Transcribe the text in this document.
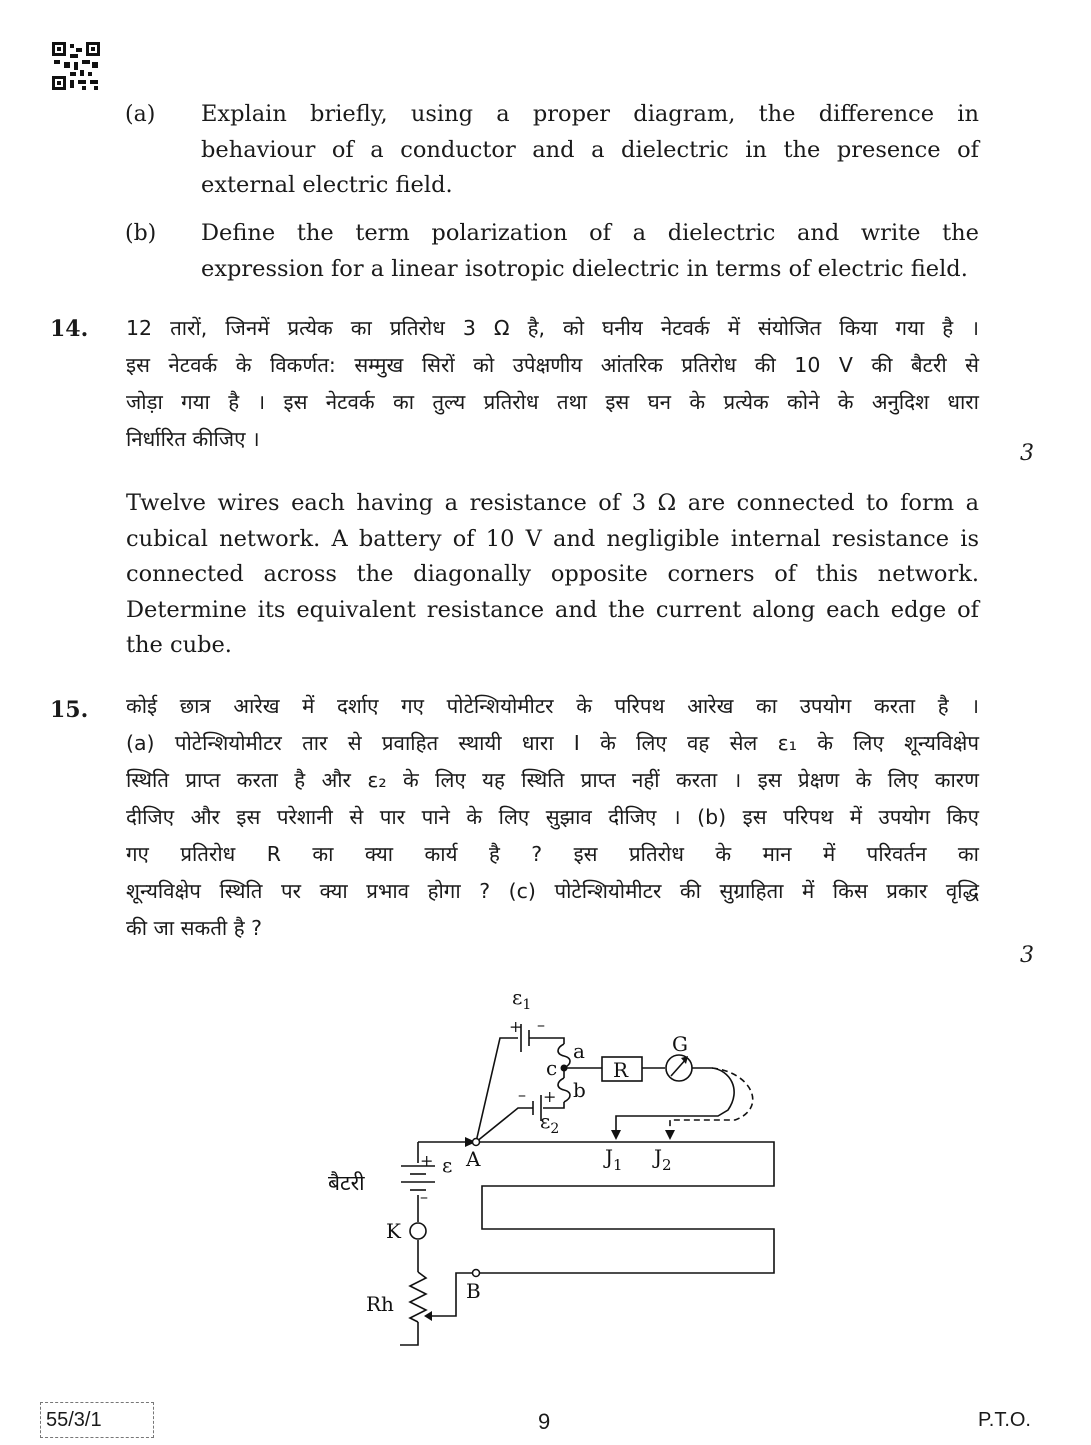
(a) Explain briefly, using a proper diagram, the difference in
behaviour of a conductor and a dielectric in the presence of
external electric field.
(b) Define the term polarization of a dielectric and write the
expression for a linear isotropic dielectric in terms of electric field.
14. 12 तारों, जिनमें प्रत्येक का प्रतिरोध 3 Ω है, को घनीय नेटवर्क में संयोजित किया गया है ।
इस नेटवर्क के विकर्णत: सम्मुख सिरों को उपेक्षणीय आंतरिक प्रतिरोध की 10 V की बैटरी से
जोड़ा गया है । इस नेटवर्क का तुल्य प्रतिरोध तथा इस घन के प्रत्येक कोने के अनुदिश धारा
निर्धारित कीजिए ।
3
Twelve wires each having a resistance of 3 Ω are connected to form a
cubical network. A battery of 10 V and negligible internal resistance is
connected across the diagonally opposite corners of this network.
Determine its equivalent resistance and the current along each edge of
the cube.
15. कोई छात्र आरेख में दर्शाए गए पोटेन्शियोमीटर के परिपथ आरेख का उपयोग करता है ।
(a) पोटेन्शियोमीटर तार से प्रवाहित स्थायी धारा I के लिए वह सेल ε₁ के लिए शून्यविक्षेप
स्थिति प्राप्त करता है और ε₂ के लिए यह स्थिति प्राप्त नहीं करता । इस प्रेक्षण के लिए कारण
दीजिए और इस परेशानी से पार पाने के लिए सुझाव दीजिए । (b) इस परिपथ में उपयोग किए
गए प्रतिरोध R का क्या कार्य है ? इस प्रतिरोध के मान में परिवर्तन का
शून्यविक्षेप स्थिति पर क्या प्रभाव होगा ? (c) पोटेन्शियोमीटर की सुग्राहिता में किस प्रकार वृद्धि
की जा सकती है ?
3
$\varepsilon_1$
+ –
a
c
b
+
–
$\varepsilon_2$
R
G
A	$J_1$ $J_2$
+
–
ε
बैटरी
K
Rh
B
55/3/1	9	P.T.O.
